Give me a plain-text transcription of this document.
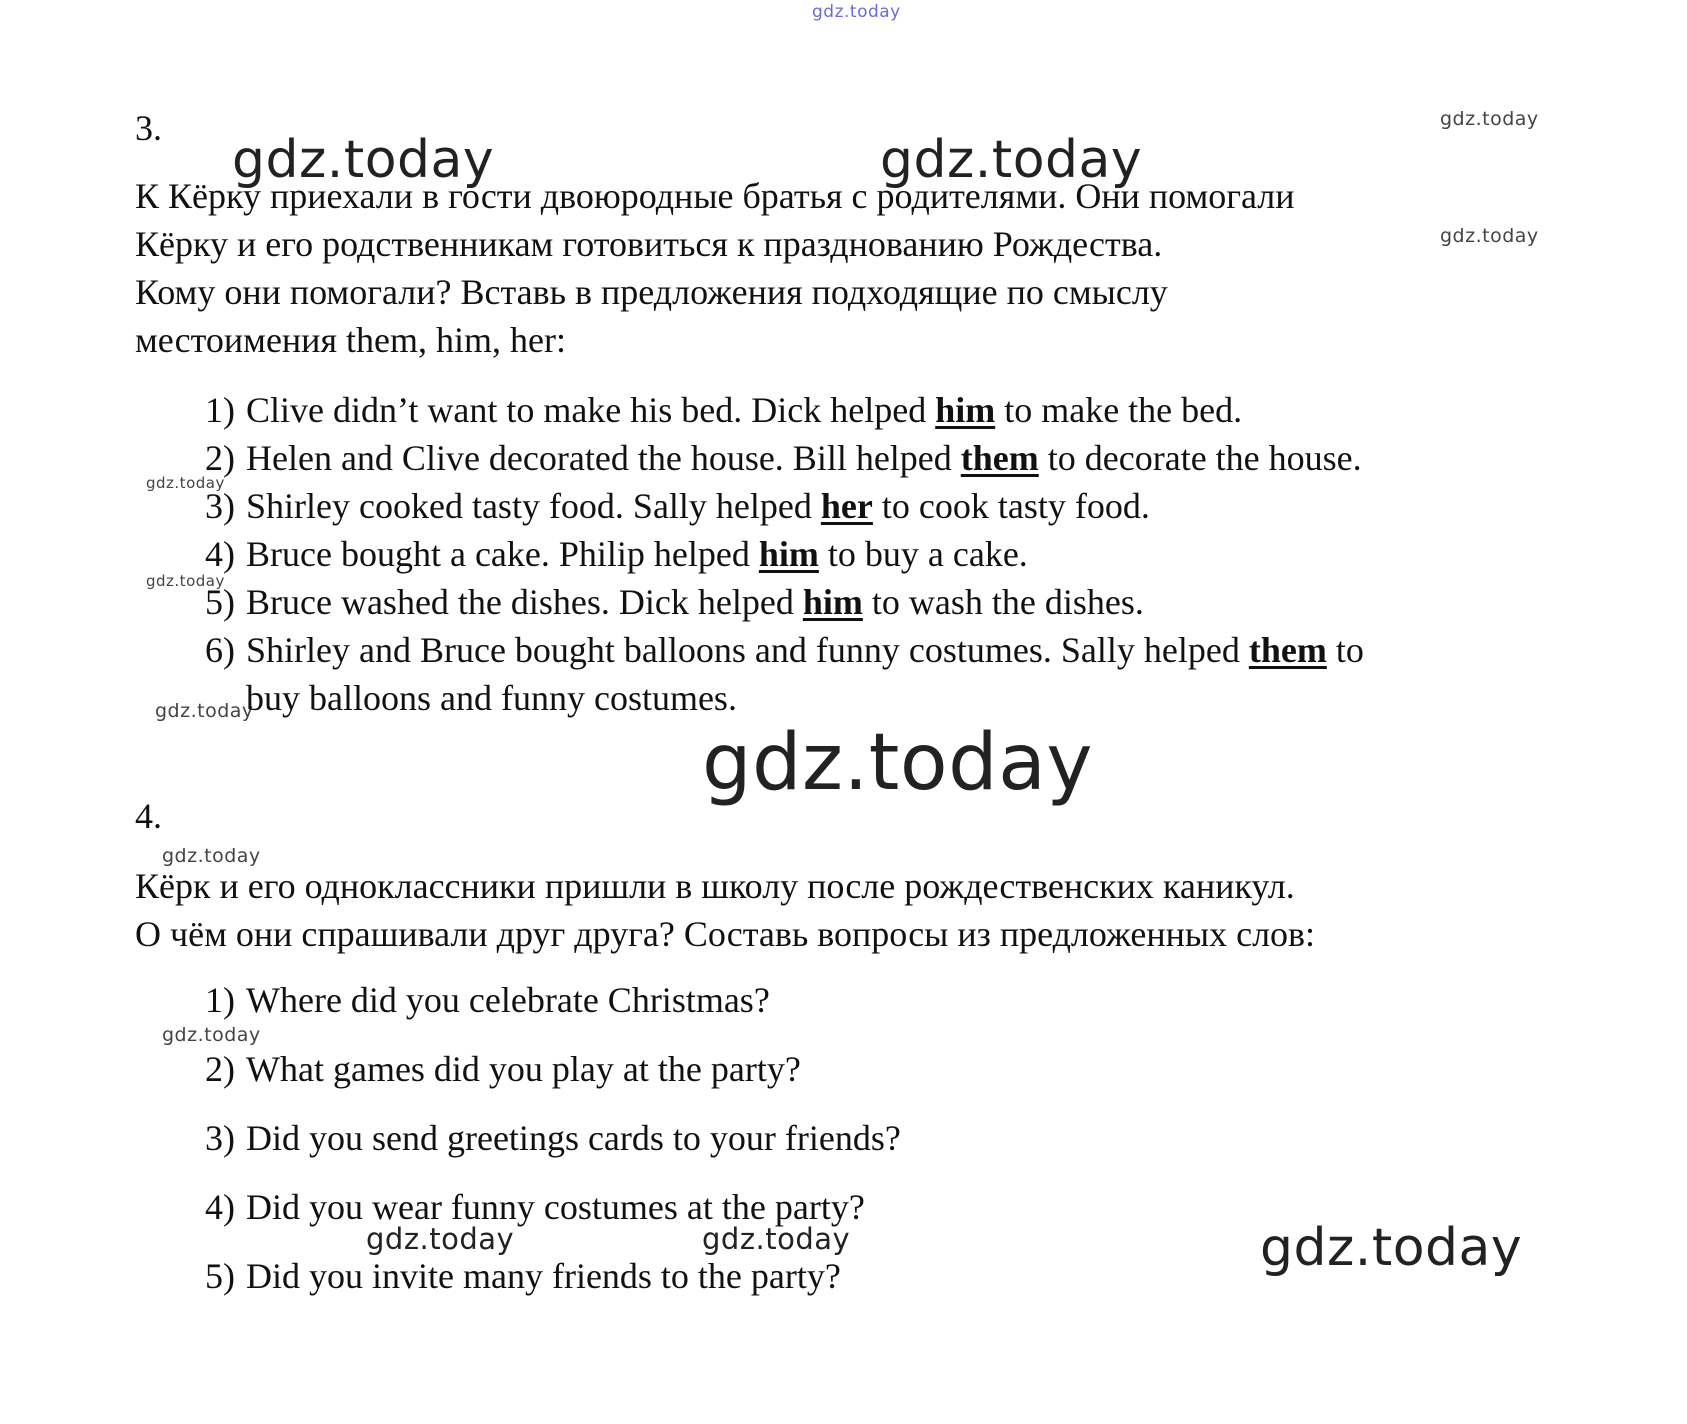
gdz.today
gdz.today
gdz.today
gdz.today	gdz.today
gdz.today
gdz.today
gdz.today
gdz.today
gdz.today
gdz.today
gdz.today	gdz.today	gdz.today
3.
К Кёрку приехали в гости двоюродные братья с родителями. Они помогали
Кёрку и его родственникам готовиться к празднованию Рождества.
Кому они помогали? Вставь в предложения подходящие по смыслу
местоимения them, him, her:
1) Clive didn’t want to make his bed. Dick helped him to make the bed.
2) Helen and Clive decorated the house. Bill helped them to decorate the house.
3) Shirley cooked tasty food. Sally helped her to cook tasty food.
4) Bruce bought a cake. Philip helped him to buy a cake.
5) Bruce washed the dishes. Dick helped him to wash the dishes.
6) Shirley and Bruce bought balloons and funny costumes. Sally helped them to
buy balloons and funny costumes.
4.
Кёрк и его одноклассники пришли в школу после рождественских каникул.
О чём они спрашивали друг друга? Составь вопросы из предложенных слов:
1) Where did you celebrate Christmas?
2) What games did you play at the party?
3) Did you send greetings cards to your friends?
4) Did you wear funny costumes at the party?
5) Did you invite many friends to the party?
